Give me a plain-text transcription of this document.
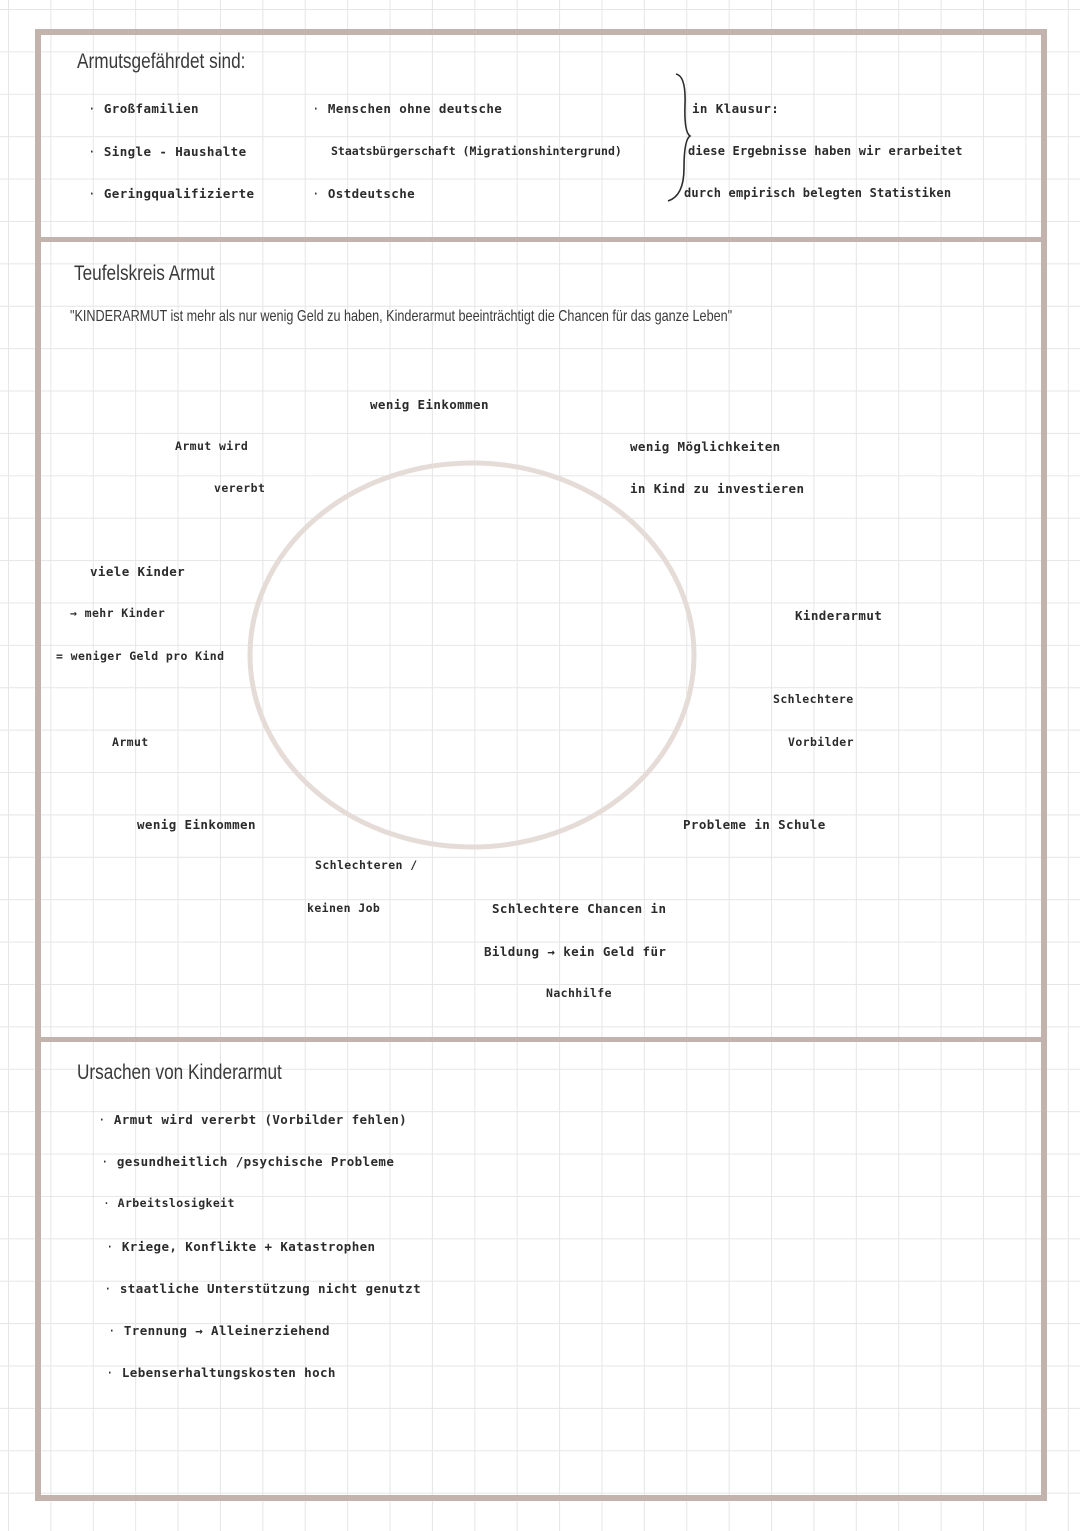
Armutsgefährdet sind:
· Großfamilien
· Single - Haushalte
· Geringqualifizierte
· Menschen ohne deutsche
Staatsbürgerschaft (Migrationshintergrund)
· Ostdeutsche
in Klausur:
diese Ergebnisse haben wir erarbeitet
durch empirisch belegten Statistiken
Teufelskreis Armut
"KINDERARMUT ist mehr als nur wenig Geld zu haben, Kinderarmut beeinträchtigt die Chancen für das ganze Leben"
wenig Einkommen
wenig Möglichkeiten
in Kind zu investieren
Kinderarmut
Schlechtere
Vorbilder
Probleme in Schule
Schlechtere Chancen in
Bildung → kein Geld für
Nachhilfe
Schlechteren /
keinen Job
wenig Einkommen
Armut
viele Kinder
→ mehr Kinder
= weniger Geld pro Kind
Armut wird
vererbt
Ursachen von Kinderarmut
· Armut wird vererbt (Vorbilder fehlen)
· gesundheitlich /psychische Probleme
· Arbeitslosigkeit
· Kriege, Konflikte + Katastrophen
· staatliche Unterstützung nicht genutzt
· Trennung → Alleinerziehend
· Lebenserhaltungskosten hoch
